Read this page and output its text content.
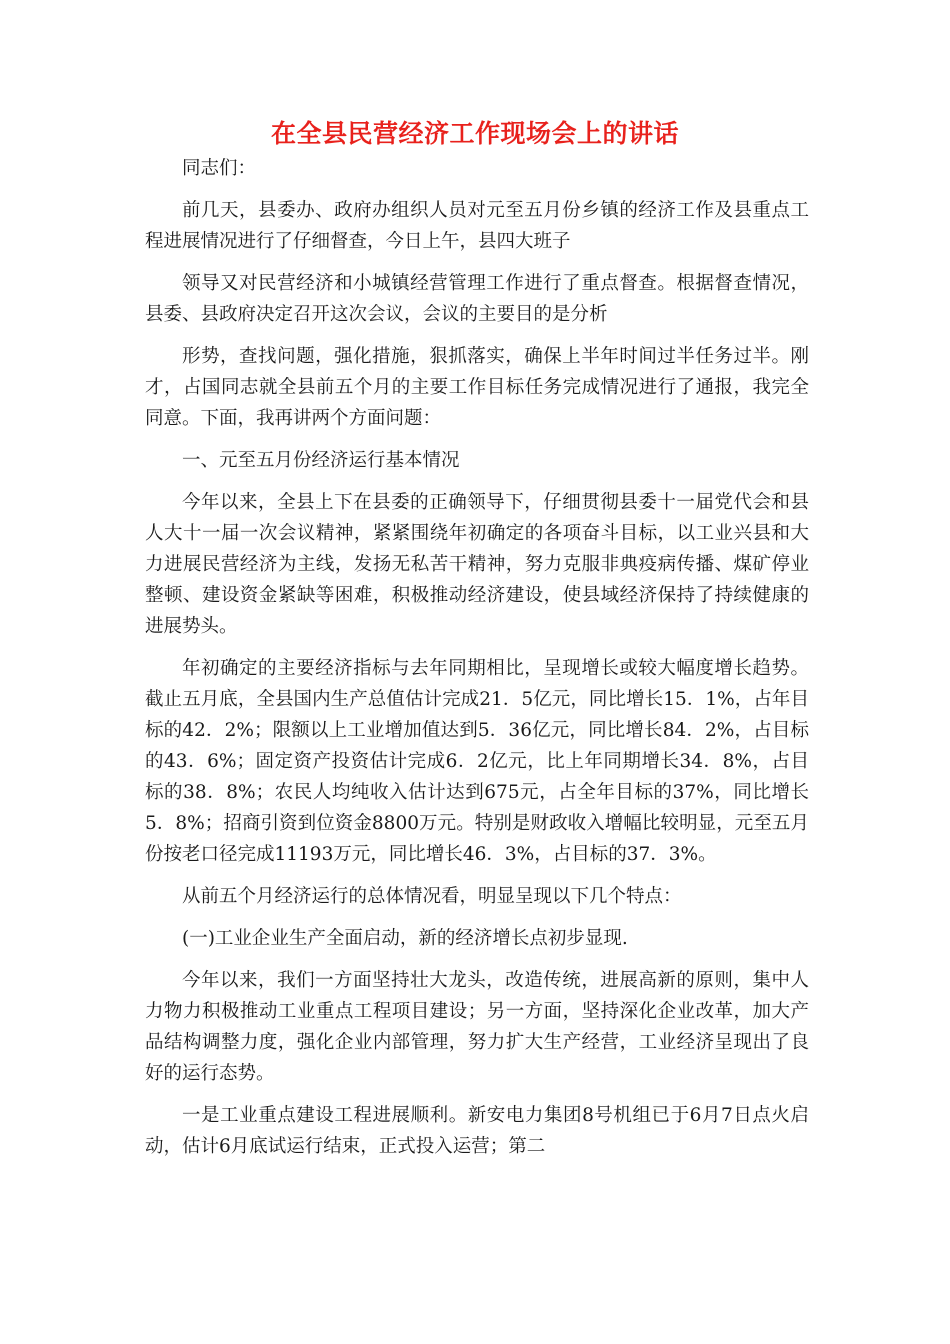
在全县民营经济工作现场会上的讲话
同志们：

前几天，县委办、政府办组织人员对元至五月份乡镇的经济工作及县重点工程进展情况进行了仔细督查，今日上午，县四大班子

领导又对民营经济和小城镇经营管理工作进行了重点督查。根据督查情况，县委、县政府决定召开这次会议，会议的主要目的是分析

形势，查找问题，强化措施，狠抓落实，确保上半年时间过半任务过半。刚才，占国同志就全县前五个月的主要工作目标任务完成情况进行了通报，我完全同意。下面，我再讲两个方面问题：

一、元至五月份经济运行基本情况

今年以来，全县上下在县委的正确领导下，仔细贯彻县委十一届党代会和县人大十一届一次会议精神，紧紧围绕年初确定的各项奋斗目标，以工业兴县和大力进展民营经济为主线，发扬无私苦干精神，努力克服非典疫病传播、煤矿停业整顿、建设资金紧缺等困难，积极推动经济建设，使县域经济保持了持续健康的进展势头。

年初确定的主要经济指标与去年同期相比，呈现增长或较大幅度增长趋势。截止五月底，全县国内生产总值估计完成21．5亿元，同比增长15．1%，占年目标的42．2%；限额以上工业增加值达到5．36亿元，同比增长84．2%，占目标的43．6%；固定资产投资估计完成6．2亿元，比上年同期增长34．8%，占目标的38．8%；农民人均纯收入估计达到675元，占全年目标的37%，同比增长5．8%；招商引资到位资金8800万元。特别是财政收入增幅比较明显，元至五月份按老口径完成11193万元，同比增长46．3%，占目标的37．3%。

从前五个月经济运行的总体情况看，明显呈现以下几个特点：

(一)工业企业生产全面启动，新的经济增长点初步显现.

今年以来，我们一方面坚持壮大龙头，改造传统，进展高新的原则，集中人力物力积极推动工业重点工程项目建设；另一方面，坚持深化企业改革，加大产品结构调整力度，强化企业内部管理，努力扩大生产经营，工业经济呈现出了良好的运行态势。

一是工业重点建设工程进展顺利。新安电力集团8号机组已于6月7日点火启动，估计6月底试运行结束，正式投入运营；第二
